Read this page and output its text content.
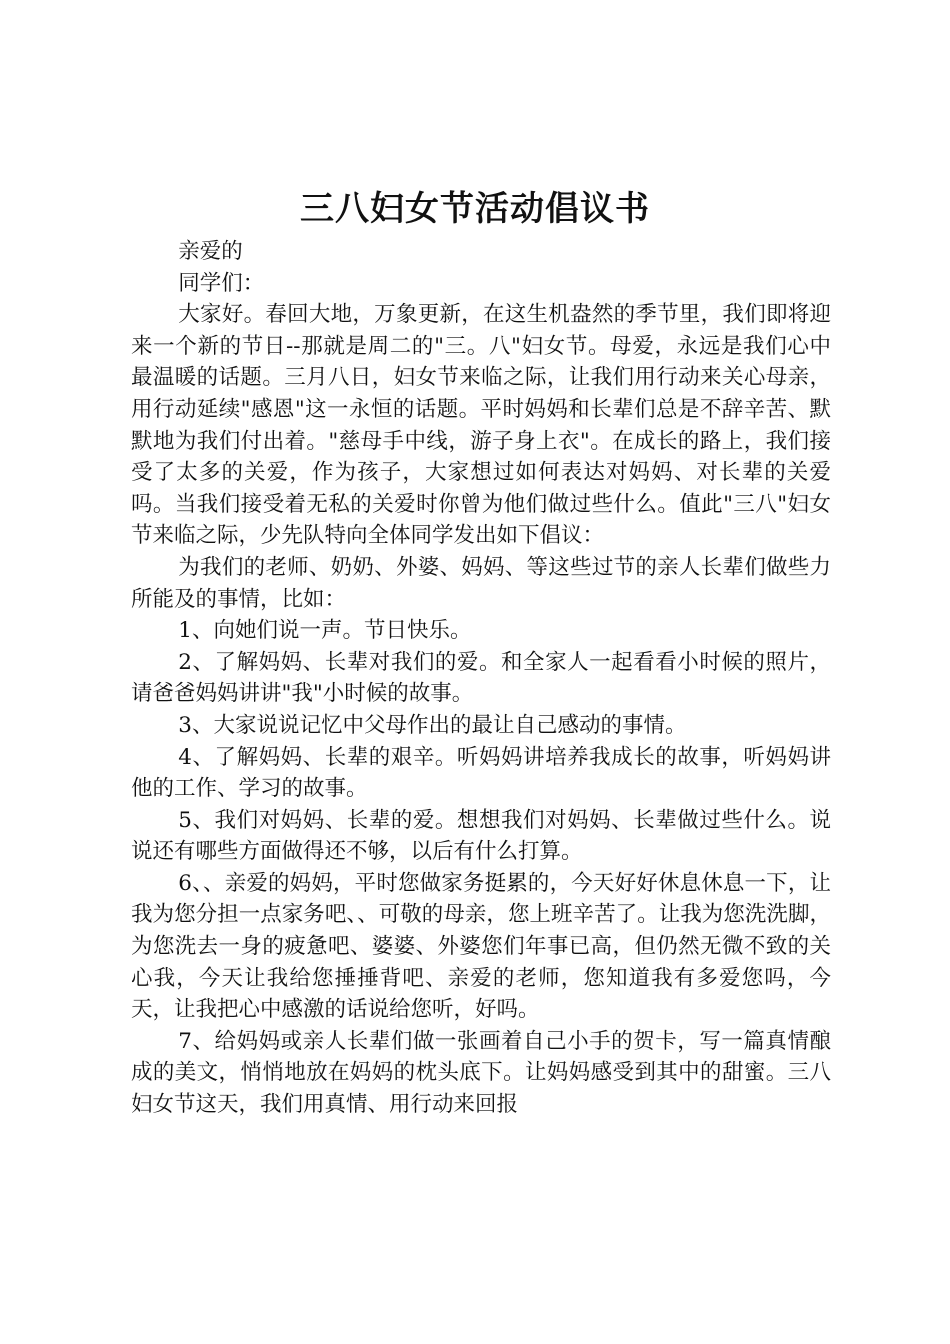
三八妇女节活动倡议书

亲爱的

同学们：

大家好。春回大地，万象更新，在这生机盎然的季节里，我们即将迎来一个新的节日--那就是周二的"三。八"妇女节。母爱，永远是我们心中最温暖的话题。三月八日，妇女节来临之际，让我们用行动来关心母亲，用行动延续"感恩"这一永恒的话题。平时妈妈和长辈们总是不辞辛苦、默默地为我们付出着。"慈母手中线，游子身上衣"。在成长的路上，我们接受了太多的关爱，作为孩子，大家想过如何表达对妈妈、对长辈的关爱吗。当我们接受着无私的关爱时你曾为他们做过些什么。值此"三八"妇女节来临之际，少先队特向全体同学发出如下倡议：

为我们的老师、奶奶、外婆、妈妈、等这些过节的亲人长辈们做些力所能及的事情，比如：

1、向她们说一声。节日快乐。

2、了解妈妈、长辈对我们的爱。和全家人一起看看小时候的照片，请爸爸妈妈讲讲"我"小时候的故事。

3、大家说说记忆中父母作出的最让自己感动的事情。

4、了解妈妈、长辈的艰辛。听妈妈讲培养我成长的故事，听妈妈讲他的工作、学习的故事。

5、我们对妈妈、长辈的爱。想想我们对妈妈、长辈做过些什么。说说还有哪些方面做得还不够，以后有什么打算。

6、、亲爱的妈妈，平时您做家务挺累的，今天好好休息休息一下，让我为您分担一点家务吧、、可敬的母亲，您上班辛苦了。让我为您洗洗脚，为您洗去一身的疲惫吧、婆婆、外婆您们年事已高，但仍然无微不致的关心我，今天让我给您捶捶背吧、亲爱的老师，您知道我有多爱您吗，今天，让我把心中感激的话说给您听，好吗。

7、给妈妈或亲人长辈们做一张画着自己小手的贺卡，写一篇真情酿成的美文，悄悄地放在妈妈的枕头底下。让妈妈感受到其中的甜蜜。三八妇女节这天，我们用真情、用行动来回报
